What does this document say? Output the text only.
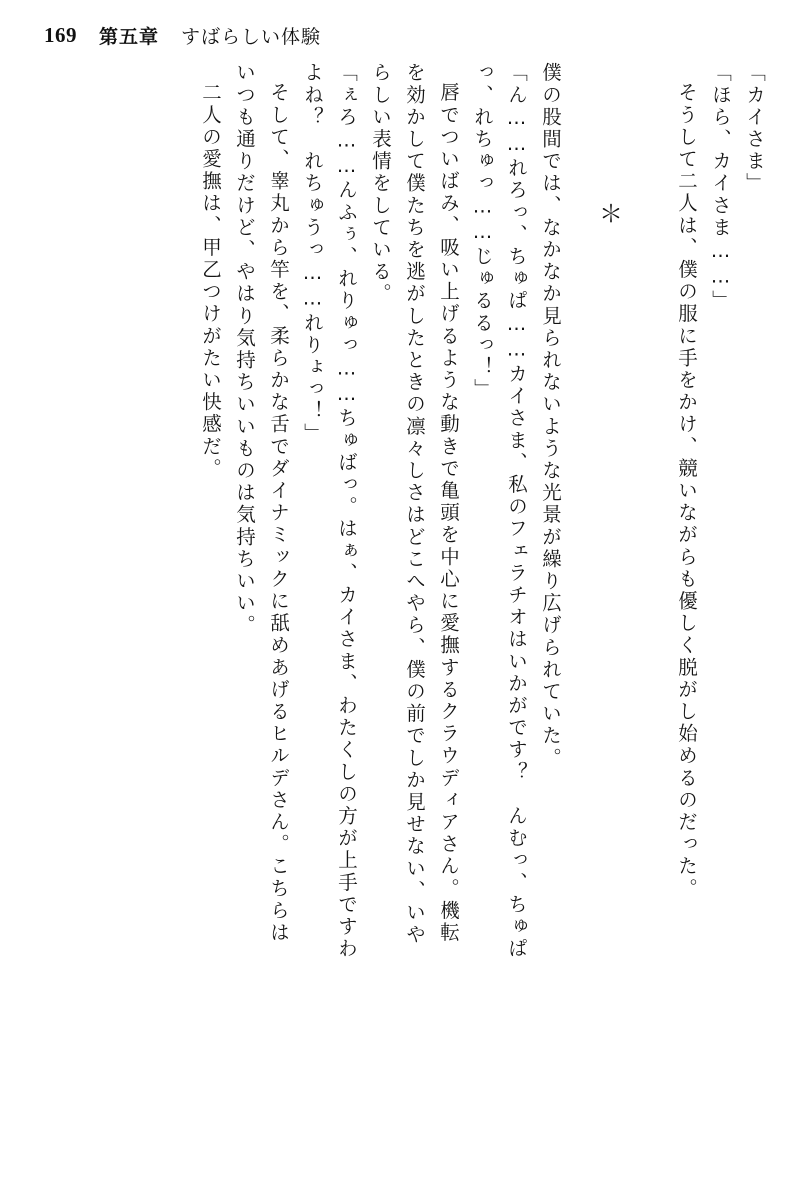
169 第五章 すばらしい体験
「カイさま」
「ほら、カイさま……」
そうして二人は、僕の服に手をかけ、競いながらも優しく脱がし始めるのだった。
＊
僕の股間では、なかなか見られないような光景が繰り広げられていた。
「ん……れろっ、ちゅぱ……カイさま、私のフェラチオはいかがです？　んむっ、ちゅぱ
っ、れちゅっ……じゅるるっ！」
唇でついばみ、吸い上げるような動きで亀頭を中心に愛撫するクラウディアさん。機転
を効かして僕たちを逃がしたときの凛々しさはどこへやら、僕の前でしか見せない、いや
らしい表情をしている。
「ぇろ……んふぅ、れりゅっ……ちゅばっ。はぁ、カイさま、わたくしの方が上手ですわ
よね？　れちゅうっ……れりょっ！」
そして、睾丸から竿を、柔らかな舌でダイナミックに舐めあげるヒルデさん。こちらは
いつも通りだけど、やはり気持ちいいものは気持ちいい。
二人の愛撫は、甲乙つけがたい快感だ。
